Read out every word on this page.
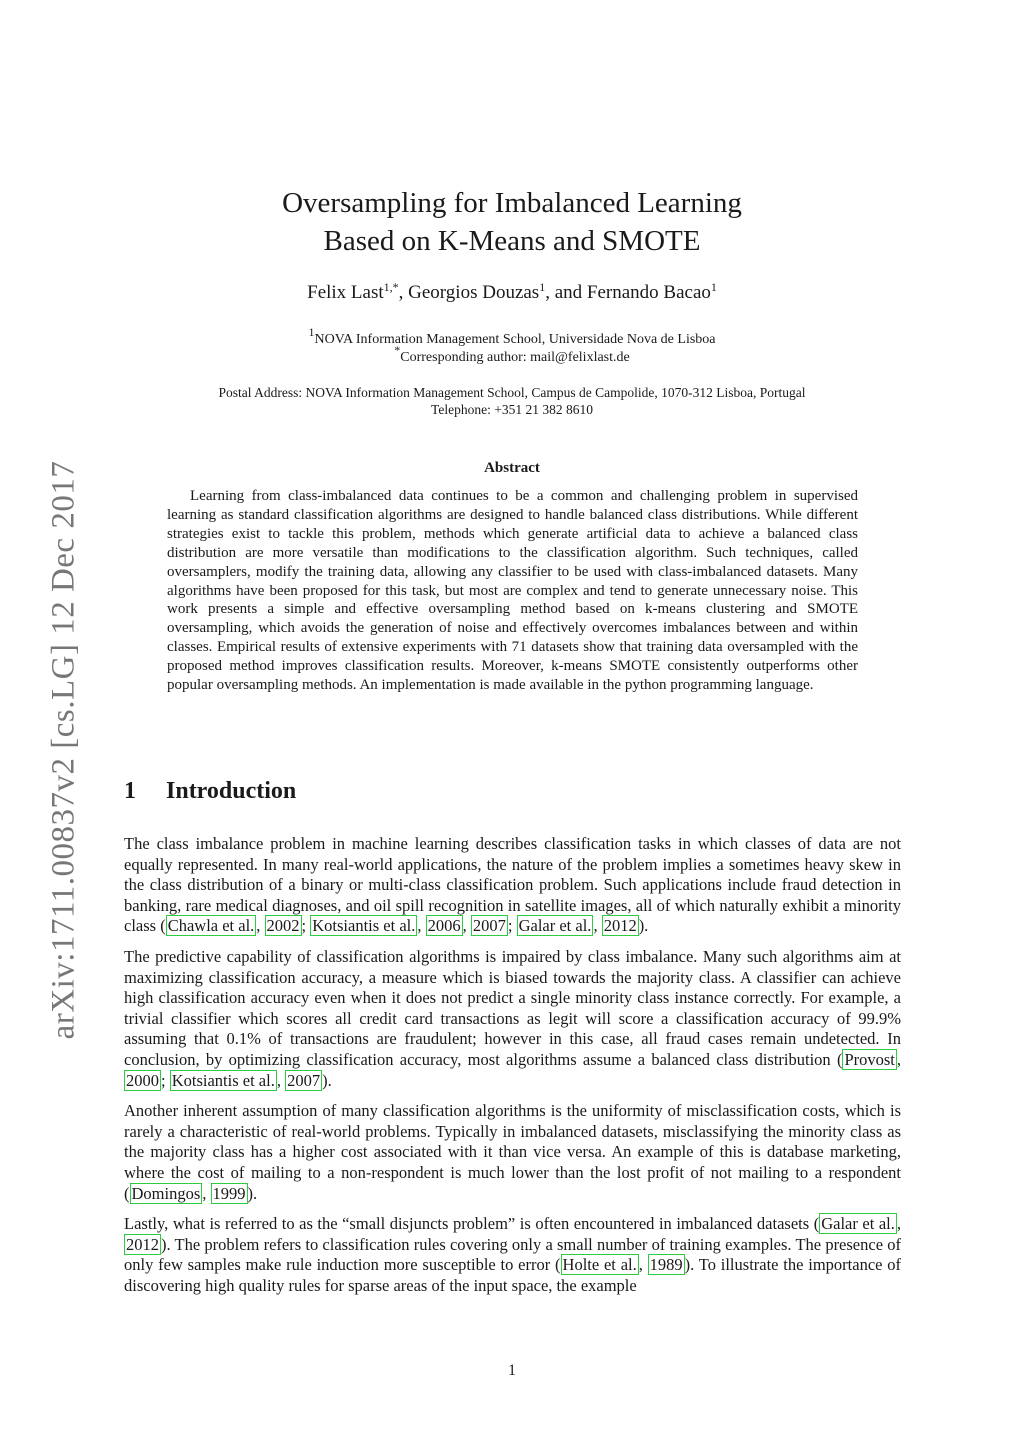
arXiv:1711.00837v2 [cs.LG] 12 Dec 2017
Oversampling for Imbalanced Learning
Based on K-Means and SMOTE
Felix Last$^{1,*}$, Georgios Douzas$^1$, and Fernando Bacao$^1$
$^1$NOVA Information Management School, Universidade Nova de Lisboa
*Corresponding author: mail@felixlast.de
Postal Address: NOVA Information Management School, Campus de Campolide, 1070-312 Lisboa, Portugal
Telephone: +351 21 382 8610
Abstract

Learning from class-imbalanced data continues to be a common and challenging problem in supervised learning as standard classification algorithms are designed to handle balanced class distributions. While different strategies exist to tackle this problem, methods which generate artificial data to achieve a balanced class distribution are more versatile than modifications to the classification algorithm. Such techniques, called oversamplers, modify the training data, allowing any classifier to be used with class-imbalanced datasets. Many algorithms have been proposed for this task, but most are complex and tend to generate unnecessary noise. This work presents a simple and effective oversampling method based on k-means clustering and SMOTE oversampling, which avoids the generation of noise and effectively overcomes imbalances between and within classes. Empirical results of extensive experiments with 71 datasets show that training data oversampled with the proposed method improves classification results. Moreover, k-means SMOTE consistently outperforms other popular oversampling methods. An implementation is made available in the python programming language.

1 Introduction

The class imbalance problem in machine learning describes classification tasks in which classes of data are not equally represented. In many real-world applications, the nature of the problem implies a sometimes heavy skew in the class distribution of a binary or multi-class classification problem. Such applications include fraud detection in banking, rare medical diagnoses, and oil spill recognition in satellite images, all of which naturally exhibit a minority class ( Chawla et al. , 2002 ; Kotsiantis et al. , 2006 , 2007 ; Galar et al. , 2012 ).

The predictive capability of classification algorithms is impaired by class imbalance. Many such algorithms aim at maximizing classification accuracy, a measure which is biased towards the majority class. A classifier can achieve high classification accuracy even when it does not predict a single minority class instance correctly. For example, a trivial classifier which scores all credit card transactions as legit will score a classification accuracy of 99.9% assuming that 0.1% of transactions are fraudulent; however in this case, all fraud cases remain undetected. In conclusion, by optimizing classification accuracy, most algorithms assume a balanced class distribution ( Provost , 2000 ; Kotsiantis et al. , 2007 ).

Another inherent assumption of many classification algorithms is the uniformity of misclassification costs, which is rarely a characteristic of real-world problems. Typically in imbalanced datasets, misclassifying the minority class as the majority class has a higher cost associated with it than vice versa. An example of this is database marketing, where the cost of mailing to a non-respondent is much lower than the lost profit of not mailing to a respondent ( Domingos , 1999 ).

Lastly, what is referred to as the “small disjuncts problem” is often encountered in imbalanced datasets ( Galar et al. , 2012 ). The problem refers to classification rules covering only a small number of training examples. The presence of only few samples make rule induction more susceptible to error ( Holte et al. , 1989 ). To illustrate the importance of discovering high quality rules for sparse areas of the input space, the example

1
